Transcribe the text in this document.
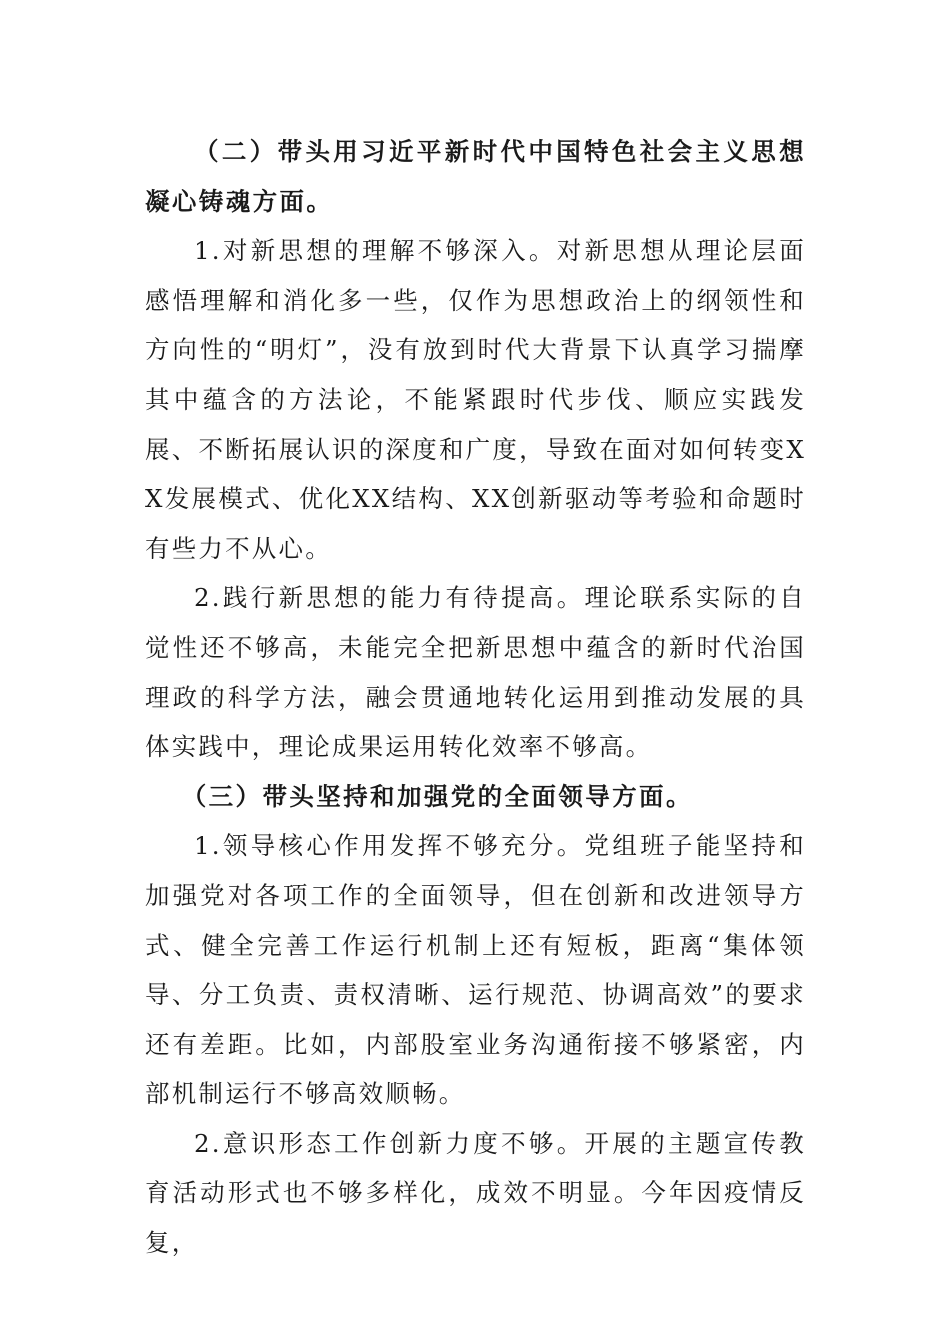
（二）带头用习近平新时代中国特色社会主义思想凝心铸魂方面。

1.对新思想的理解不够深入。对新思想从理论层面感悟理解和消化多一些，仅作为思想政治上的纲领性和方向性的“明灯”，没有放到时代大背景下认真学习揣摩其中蕴含的方法论，不能紧跟时代步伐、顺应实践发展、不断拓展认识的深度和广度，导致在面对如何转变XX发展模式、优化XX结构、XX创新驱动等考验和命题时有些力不从心。

2.践行新思想的能力有待提高。理论联系实际的自觉性还不够高，未能完全把新思想中蕴含的新时代治国理政的科学方法，融会贯通地转化运用到推动发展的具体实践中，理论成果运用转化效率不够高。

（三）带头坚持和加强党的全面领导方面。

1.领导核心作用发挥不够充分。党组班子能坚持和加强党对各项工作的全面领导，但在创新和改进领导方式、健全完善工作运行机制上还有短板，距离“集体领导、分工负责、责权清晰、运行规范、协调高效”的要求还有差距。比如，内部股室业务沟通衔接不够紧密，内部机制运行不够高效顺畅。

2.意识形态工作创新力度不够。开展的主题宣传教育活动形式也不够多样化，成效不明显。今年因疫情反复，
